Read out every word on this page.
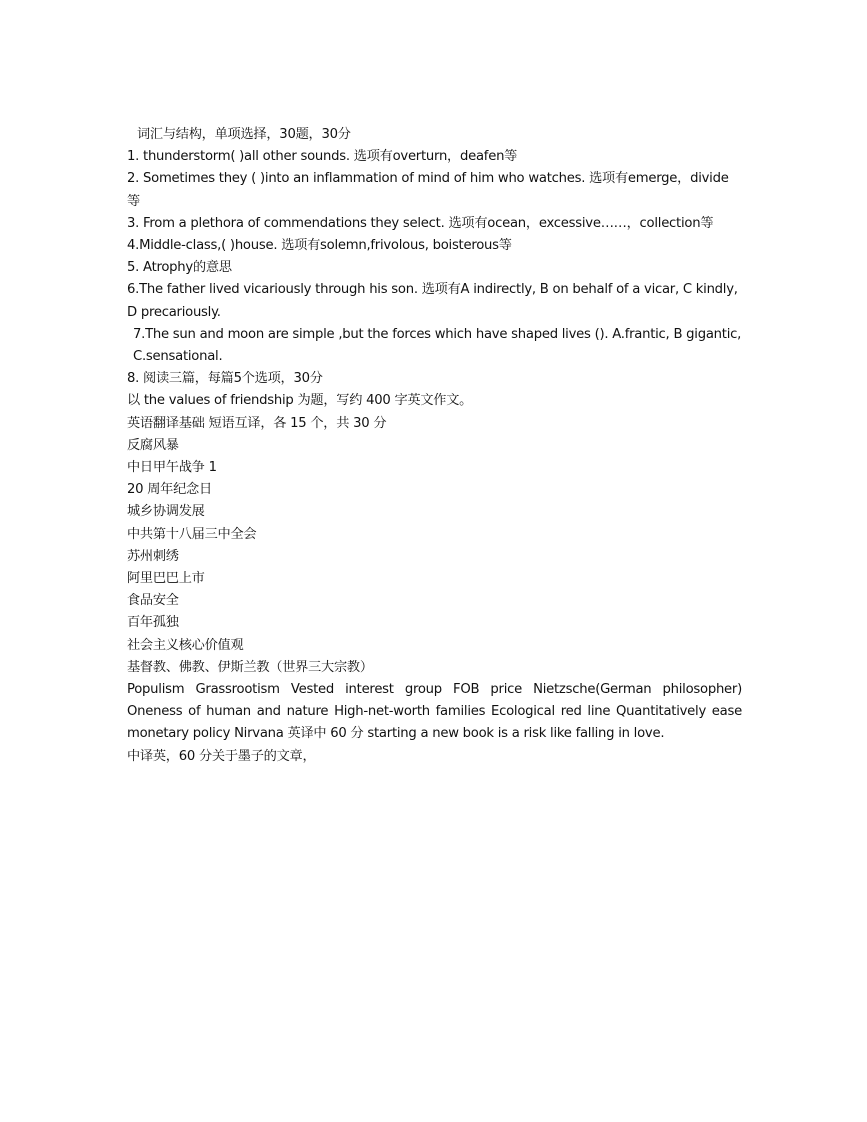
词汇与结构，单项选择，30题，30分
1. thunderstorm( )all other sounds. 选项有overturn，deafen等
2. Sometimes they ( )into an inflammation of mind of him who watches. 选项有emerge，divide 等
3. From a plethora of commendations they select. 选项有ocean，excessive……，collection等
4.Middle-class,( )house. 选项有solemn,frivolous, boisterous等
5. Atrophy的意思
6.The father lived vicariously through his son. 选项有A indirectly, B on behalf of a vicar, C kindly, D precariously.
7.The sun and moon are simple ,but the forces which have shaped lives (). A.frantic, B gigantic, C.sensational.
8. 阅读三篇，每篇5个选项，30分
以 the values of friendship 为题，写约 400 字英文作文。
英语翻译基础 短语互译，各 15 个，共 30 分
反腐风暴
中日甲午战争 1
20 周年纪念日
城乡协调发展
中共第十八届三中全会
苏州刺绣
阿里巴巴上市
食品安全
百年孤独
社会主义核心价值观
基督教、佛教、伊斯兰教（世界三大宗教）
Populism Grassrootism Vested interest group FOB price Nietzsche(German philosopher) Oneness of human and nature High-net-worth families Ecological red line Quantitatively ease monetary policy Nirvana 英译中 60 分 starting a new book is a risk like falling in love.
中译英，60 分关于墨子的文章，
